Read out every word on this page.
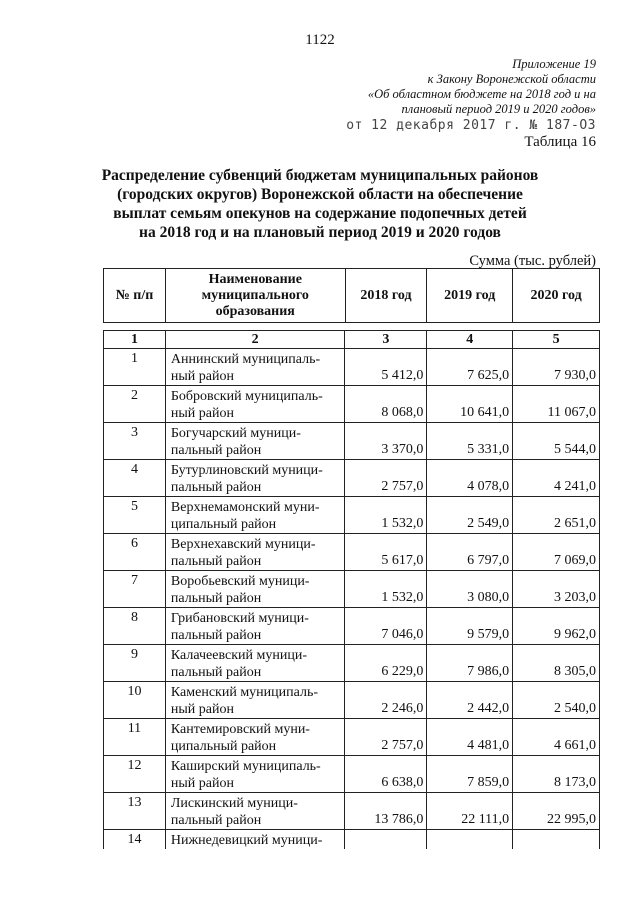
1122
Приложение 19
к Закону Воронежской области
«Об областном бюджете на 2018 год и на
плановый период 2019 и 2020 годов»
от 12 декабря 2017 г. № 187-ОЗ
Таблица 16
Распределение субвенций бюджетам муниципальных районов
(городских округов) Воронежской области на обеспечение
выплат семьям опекунов на содержание подопечных детей
на 2018 год и на плановый период 2019 и 2020 годов
Сумма (тыс. рублей)
№ п/п	Наименование муниципального образования	2018 год	2019 год	2020 год
1	2	3	4	5
1	Аннинский муниципаль-ный район	5 412,0	7 625,0	7 930,0
2	Бобровский муниципаль-ный район	8 068,0	10 641,0	11 067,0
3	Богучарский муници-пальный район	3 370,0	5 331,0	5 544,0
4	Бутурлиновский муници-пальный район	2 757,0	4 078,0	4 241,0
5	Верхнемамонский муни-ципальный район	1 532,0	2 549,0	2 651,0
6	Верхнехавский муници-пальный район	5 617,0	6 797,0	7 069,0
7	Воробьевский муници-пальный район	1 532,0	3 080,0	3 203,0
8	Грибановский муници-пальный район	7 046,0	9 579,0	9 962,0
9	Калачеевский муници-пальный район	6 229,0	7 986,0	8 305,0
10	Каменский муниципаль-ный район	2 246,0	2 442,0	2 540,0
11	Кантемировский муни-ципальный район	2 757,0	4 481,0	4 661,0
12	Каширский муниципаль-ный район	6 638,0	7 859,0	8 173,0
13	Лискинский муници-пальный район	13 786,0	22 111,0	22 995,0
14	Нижнедевицкий муници-			
